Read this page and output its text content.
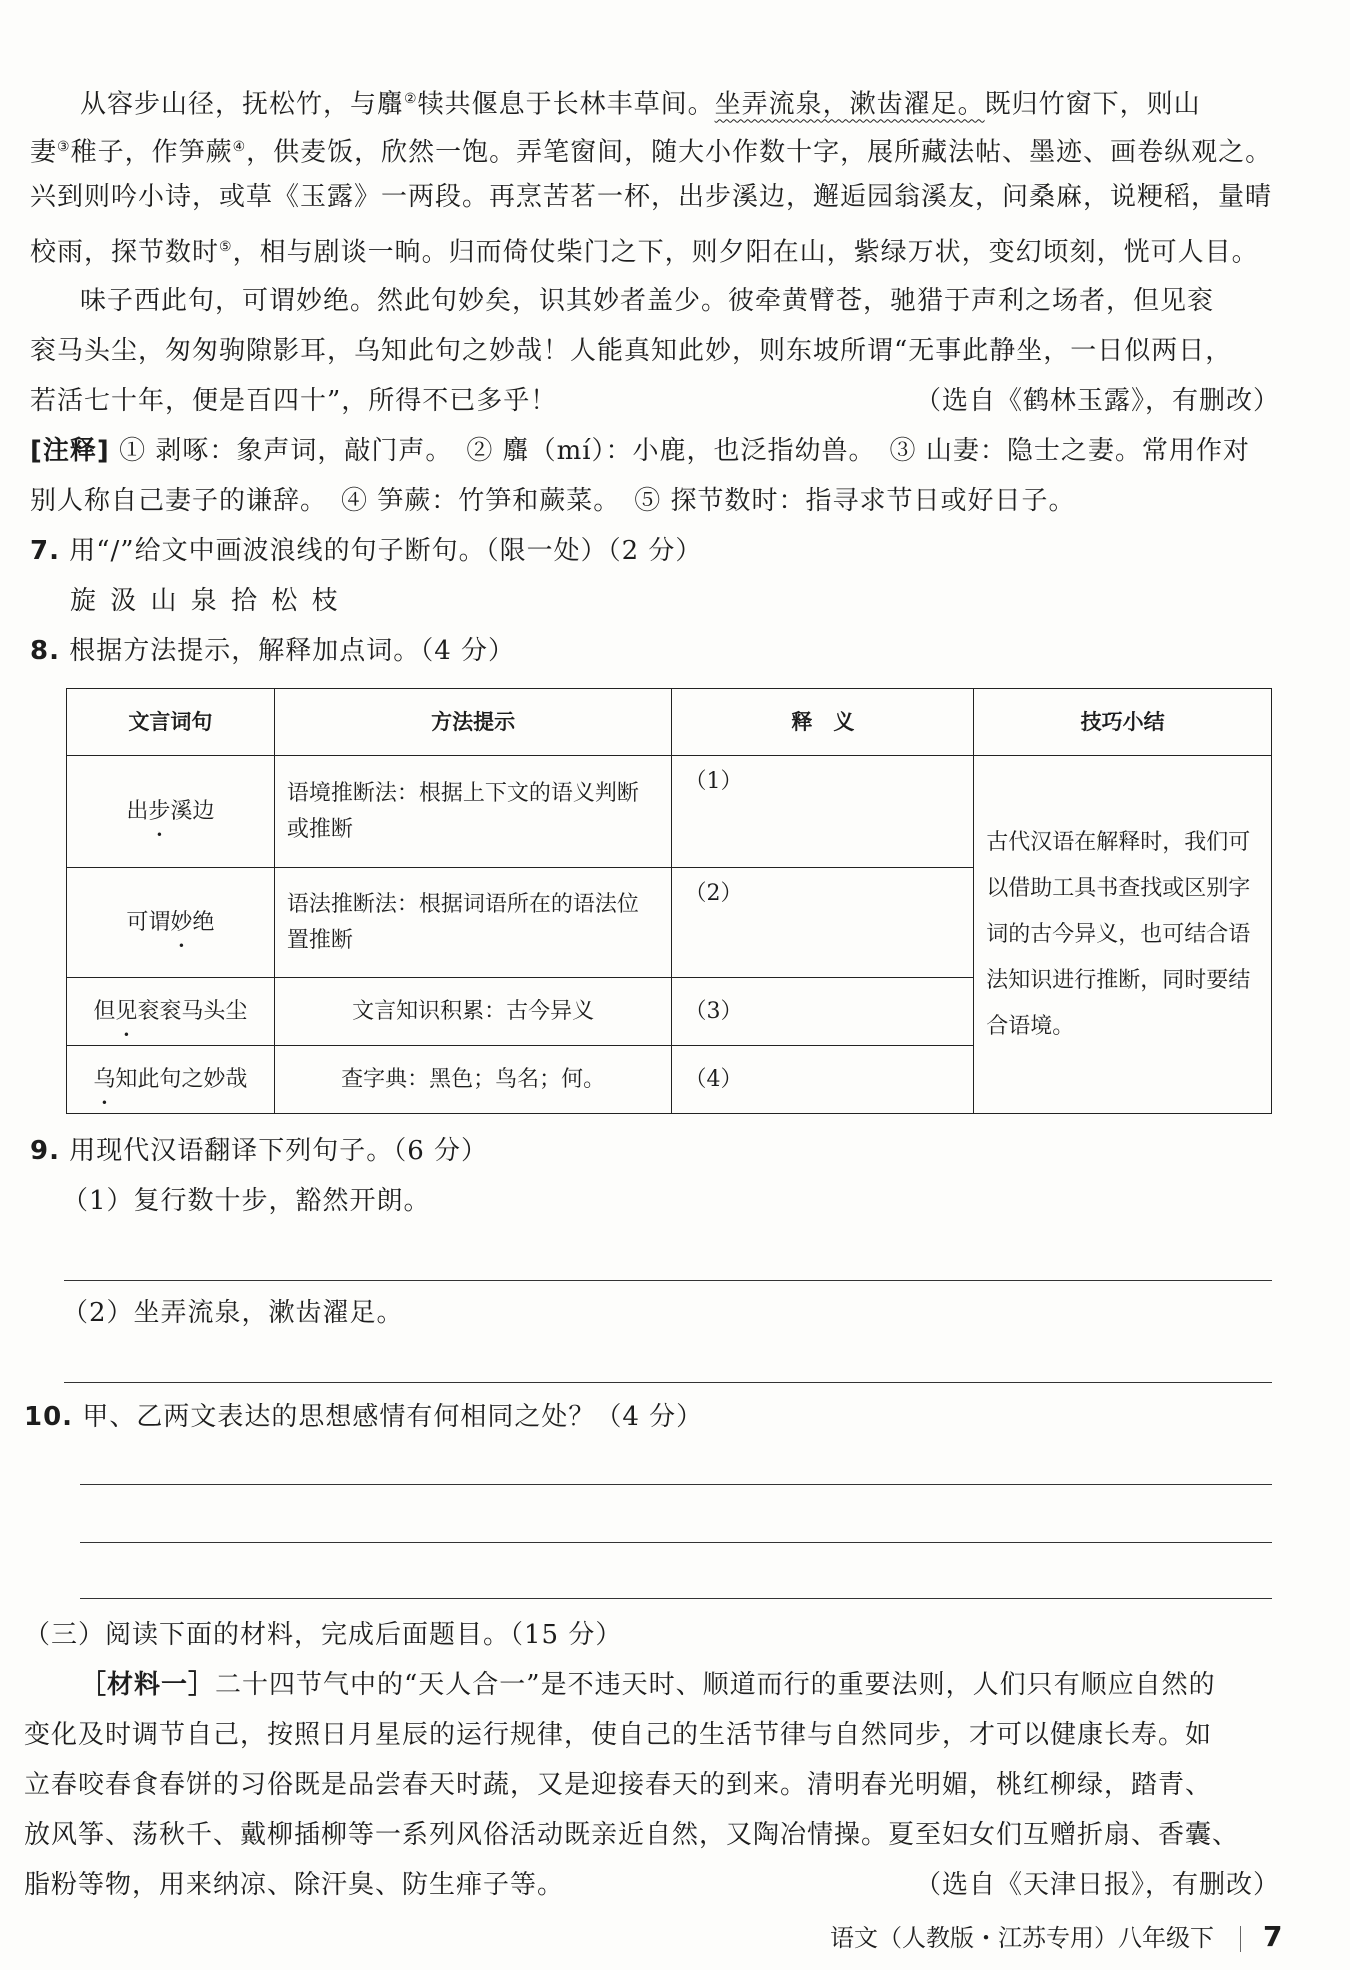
从容步山径，抚松竹，与麛②犊共偃息于长林丰草间。坐弄流泉，漱齿濯足。既归竹窗下，则山
妻③稚子，作笋蕨④，供麦饭，欣然一饱。弄笔窗间，随大小作数十字，展所藏法帖、墨迹、画卷纵观之。
兴到则吟小诗，或草《玉露》一两段。再烹苦茗一杯，出步溪边，邂逅园翁溪友，问桑麻，说粳稻，量晴
校雨，探节数时⑤，相与剧谈一晌。归而倚仗柴门之下，则夕阳在山，紫绿万状，变幻顷刻，恍可人目。
味子西此句，可谓妙绝。然此句妙矣，识其妙者盖少。彼牵黄臂苍，驰猎于声利之场者，但见衮
衮马头尘，匆匆驹隙影耳，乌知此句之妙哉！人能真知此妙，则东坡所谓“无事此静坐，一日似两日，
若活七十年，便是百四十”，所得不已多乎！	（选自《鹤林玉露》，有删改）
[注释] ① 剥啄：象声词，敲门声。　② 麛（mí）：小鹿，也泛指幼兽。　③ 山妻：隐士之妻。常用作对
别人称自己妻子的谦辞。　④ 笋蕨：竹笋和蕨菜。　⑤ 探节数时：指寻求节日或好日子。
7. 用“/”给文中画波浪线的句子断句。（限一处）（2 分）
旋 汲 山 泉 拾 松 枝
8. 根据方法提示，解释加点词。（4 分）
文言词句	方法提示	释　义	技巧小结
出步溪边	语境推断法：根据上下文的语义判断或推断	（1）	古代汉语在解释时，我们可以借助工具书查找或区别字词的古今异义，也可结合语法知识进行推断，同时要结合语境。
可谓妙绝	语法推断法：根据词语所在的语法位置推断	（2）	
但见衮衮马头尘	文言知识积累：古今异义	（3）	
乌知此句之妙哉	查字典：黑色；鸟名；何。	（4）	
9. 用现代汉语翻译下列句子。（6 分）
（1）复行数十步，豁然开朗。
（2）坐弄流泉，漱齿濯足。
10. 甲、乙两文表达的思想感情有何相同之处？（4 分）
（三）阅读下面的材料，完成后面题目。（15 分）
［材料一］二十四节气中的“天人合一”是不违天时、顺道而行的重要法则，人们只有顺应自然的
变化及时调节自己，按照日月星辰的运行规律，使自己的生活节律与自然同步，才可以健康长寿。如
立春咬春食春饼的习俗既是品尝春天时蔬，又是迎接春天的到来。清明春光明媚，桃红柳绿，踏青、
放风筝、荡秋千、戴柳插柳等一系列风俗活动既亲近自然，又陶冶情操。夏至妇女们互赠折扇、香囊、
脂粉等物，用来纳凉、除汗臭、防生痱子等。	（选自《天津日报》，有删改）
语文（人教版・江苏专用）八年级下 7
